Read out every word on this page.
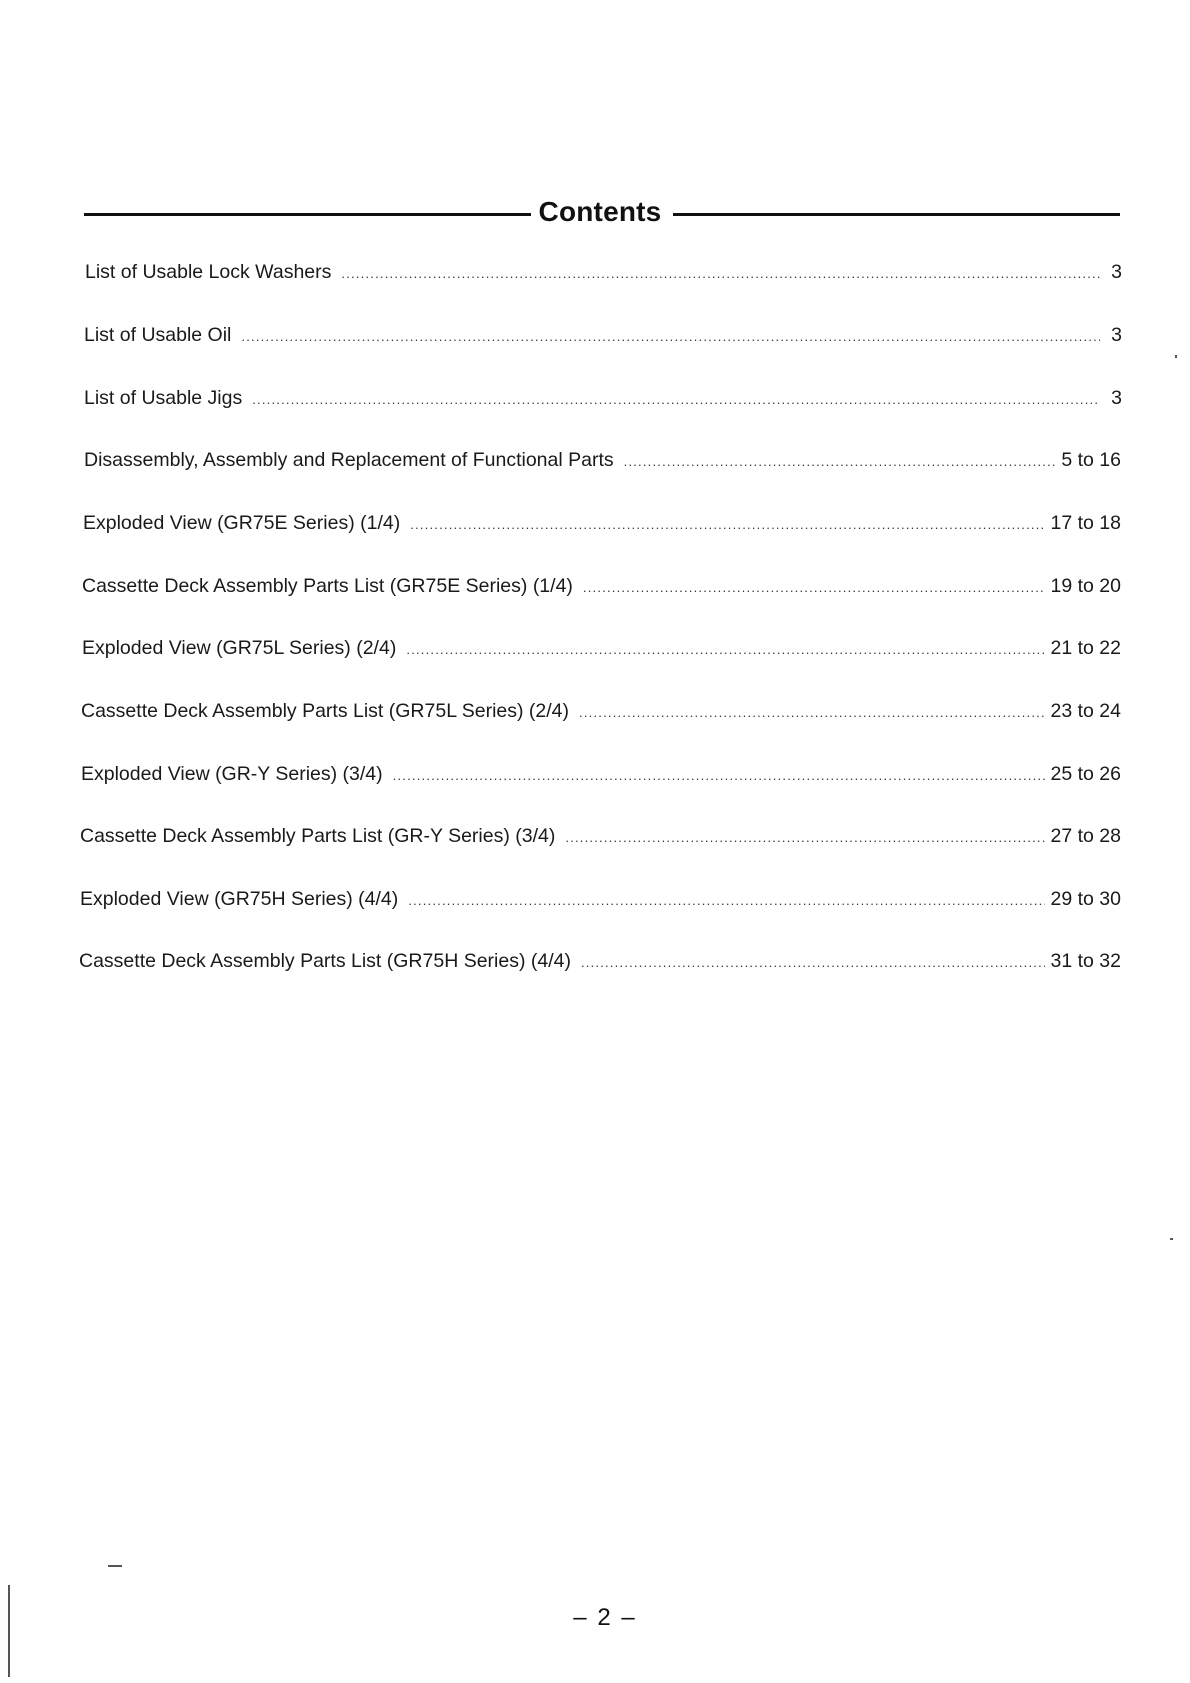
Contents
List of Usable Lock Washers .....	3
List of Usable Oil .....	3
List of Usable Jigs .....	3
Disassembly, Assembly and Replacement of Functional Parts .....	5 to 16
Exploded View (GR75E Series) (1/4) .....	17 to 18
Cassette Deck Assembly Parts List (GR75E Series) (1/4) .....	19 to 20
Exploded View (GR75L Series) (2/4) .....	21 to 22
Cassette Deck Assembly Parts List (GR75L Series) (2/4) .....	23 to 24
Exploded View (GR-Y Series) (3/4) .....	25 to 26
Cassette Deck Assembly Parts List (GR-Y Series) (3/4) .....	27 to 28
Exploded View (GR75H Series) (4/4) .....	29 to 30
Cassette Deck Assembly Parts List (GR75H Series) (4/4) .....	31 to 32
– 2 –
